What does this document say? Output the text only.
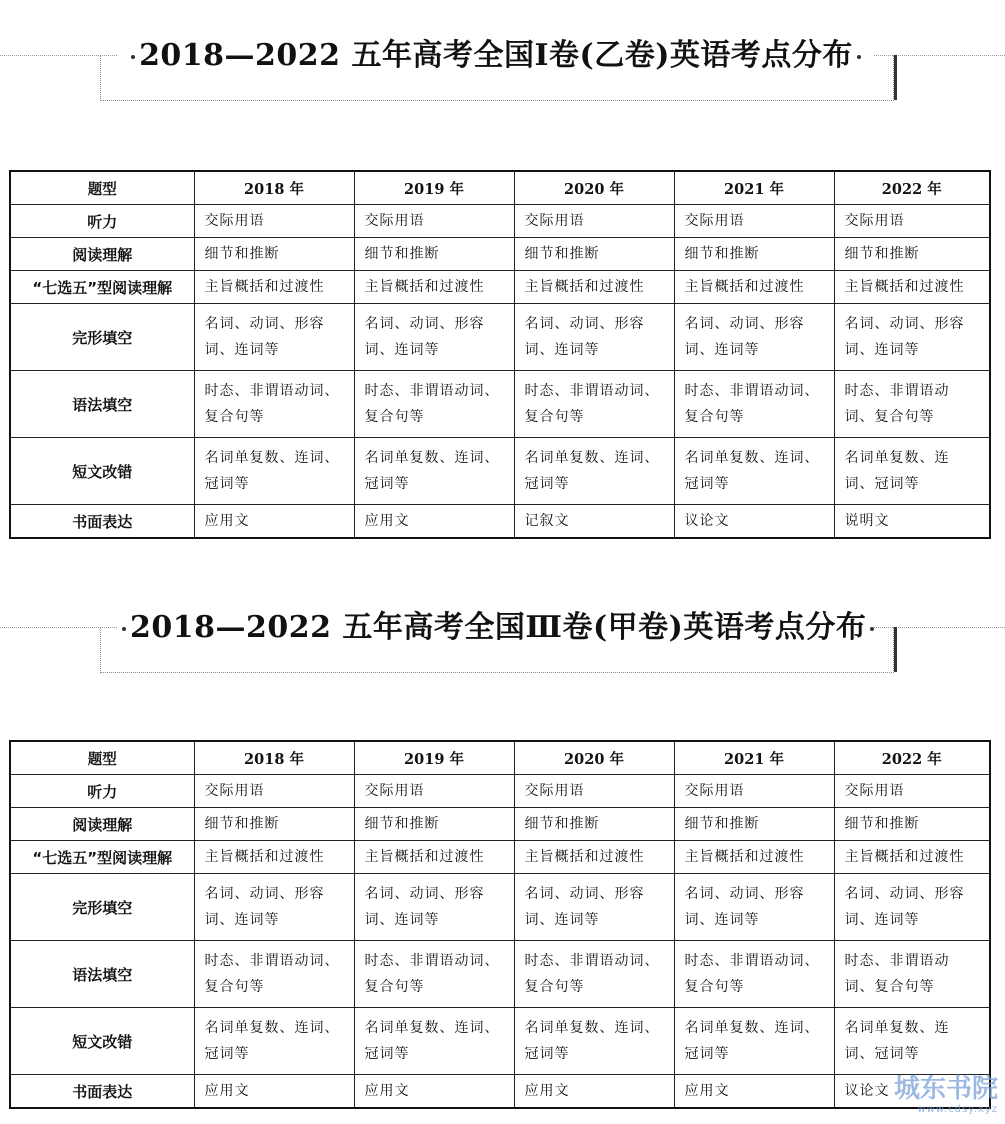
2018—2022 五年高考全国Ⅰ卷(乙卷)英语考点分布
题型	2018 年	2019 年	2020 年	2021 年	2022 年
听力	交际用语	交际用语	交际用语	交际用语	交际用语
阅读理解	细节和推断	细节和推断	细节和推断	细节和推断	细节和推断
“七选五”型阅读理解	主旨概括和过渡性	主旨概括和过渡性	主旨概括和过渡性	主旨概括和过渡性	主旨概括和过渡性
完形填空	名词、动词、形容词、连词等	名词、动词、形容词、连词等	名词、动词、形容词、连词等	名词、动词、形容词、连词等	名词、动词、形容词、连词等
语法填空	时态、非谓语动词、复合句等	时态、非谓语动词、复合句等	时态、非谓语动词、复合句等	时态、非谓语动词、复合句等	时态、非谓语动词、复合句等
短文改错	名词单复数、连词、冠词等	名词单复数、连词、冠词等	名词单复数、连词、冠词等	名词单复数、连词、冠词等	名词单复数、连词、冠词等
书面表达	应用文	应用文	记叙文	议论文	说明文
2018—2022 五年高考全国Ⅲ卷(甲卷)英语考点分布
题型	2018 年	2019 年	2020 年	2021 年	2022 年
听力	交际用语	交际用语	交际用语	交际用语	交际用语
阅读理解	细节和推断	细节和推断	细节和推断	细节和推断	细节和推断
“七选五”型阅读理解	主旨概括和过渡性	主旨概括和过渡性	主旨概括和过渡性	主旨概括和过渡性	主旨概括和过渡性
完形填空	名词、动词、形容词、连词等	名词、动词、形容词、连词等	名词、动词、形容词、连词等	名词、动词、形容词、连词等	名词、动词、形容词、连词等
语法填空	时态、非谓语动词、复合句等	时态、非谓语动词、复合句等	时态、非谓语动词、复合句等	时态、非谓语动词、复合句等	时态、非谓语动词、复合句等
短文改错	名词单复数、连词、冠词等	名词单复数、连词、冠词等	名词单复数、连词、冠词等	名词单复数、连词、冠词等	名词单复数、连词、冠词等
书面表达	应用文	应用文	应用文	应用文	议论文 城东书院
www.cdsy.xyz
